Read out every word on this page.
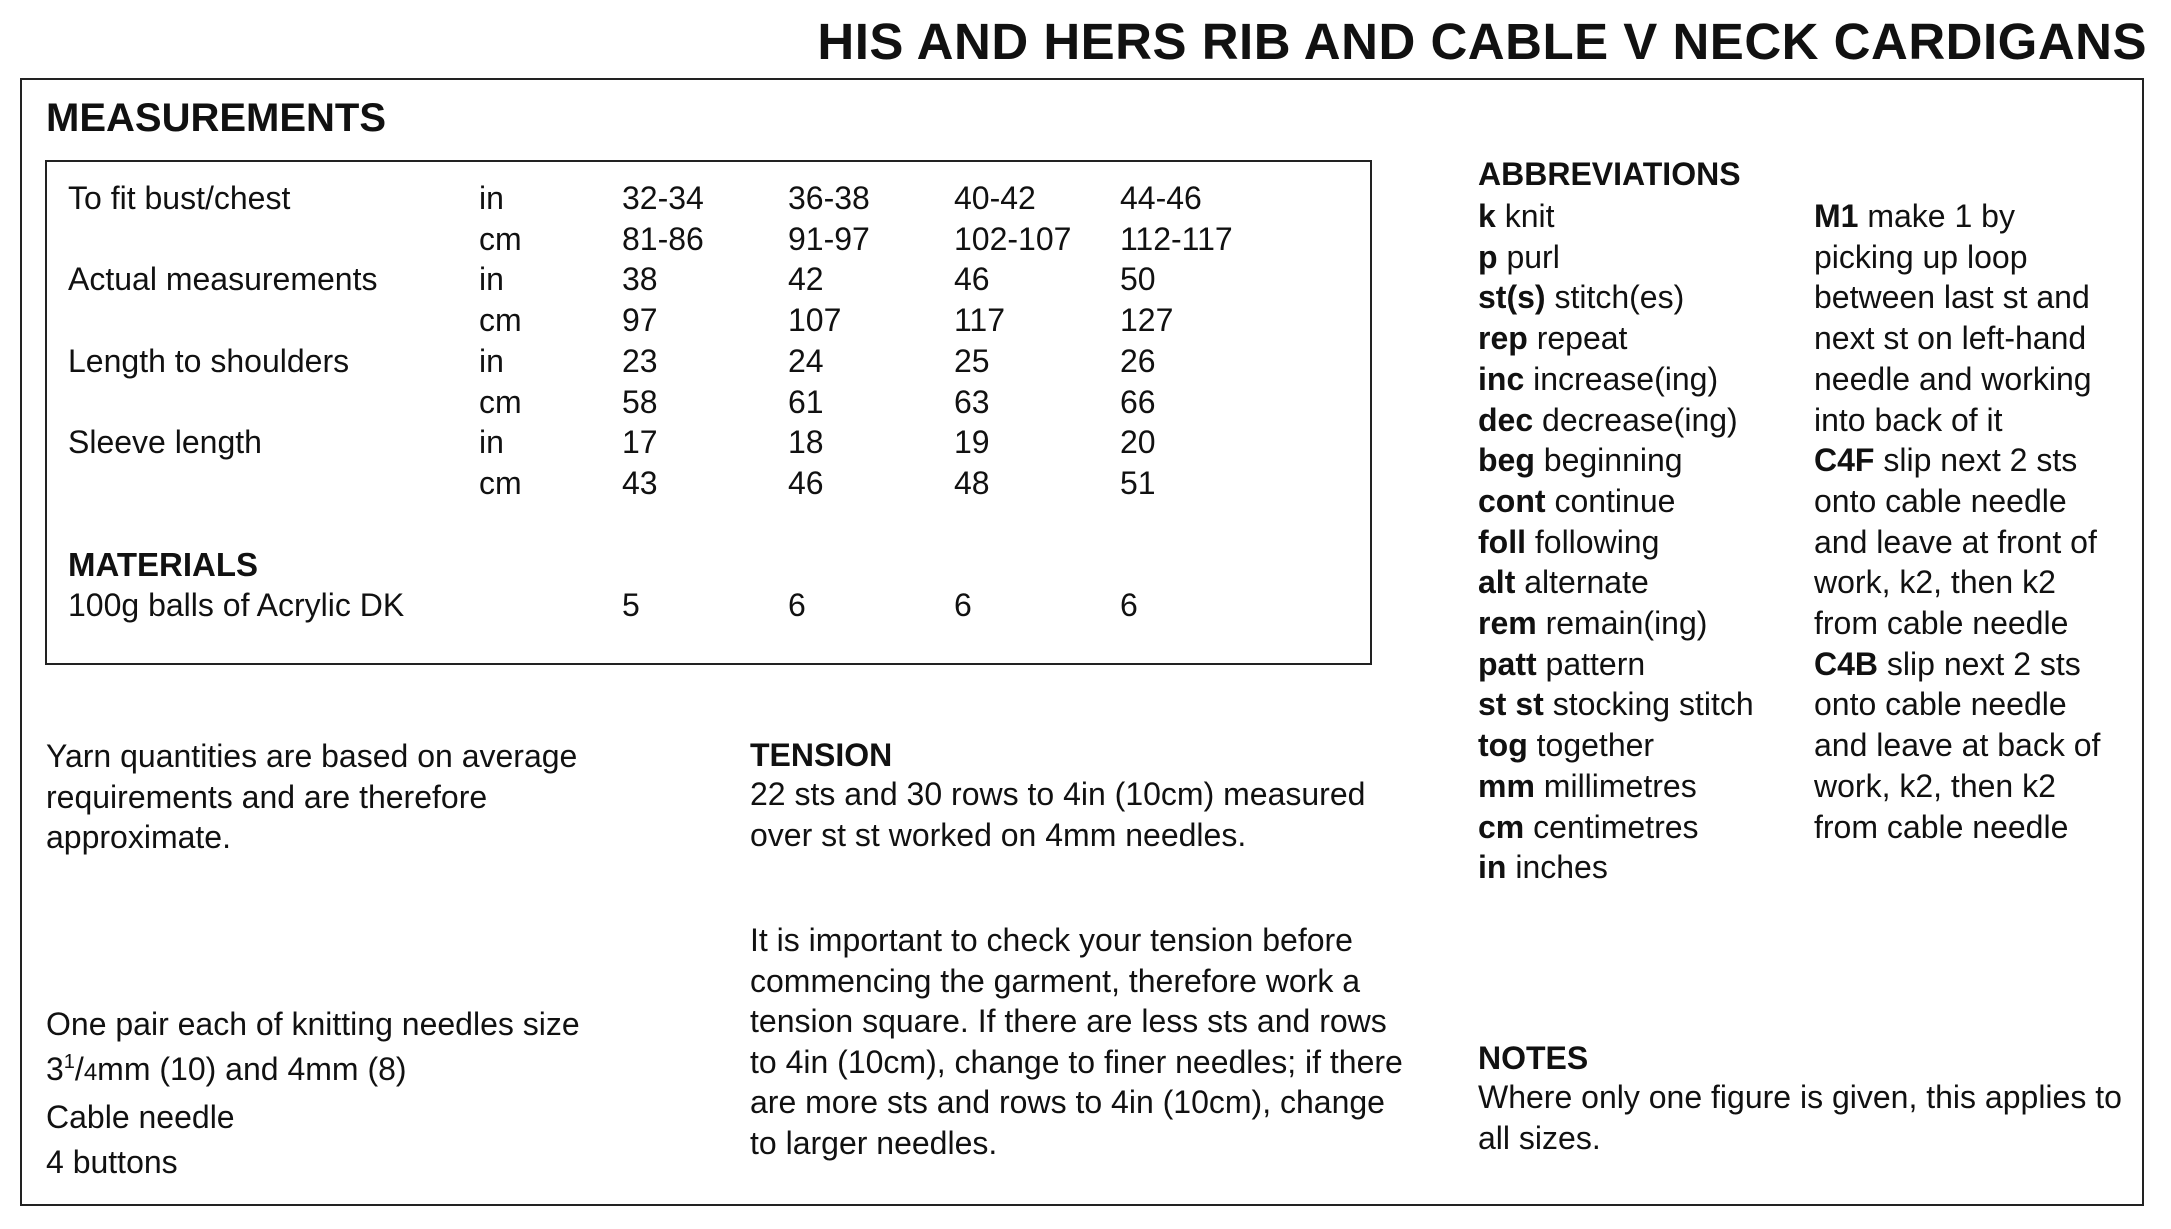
HIS AND HERS RIB AND CABLE V NECK CARDIGANS
MEASUREMENTS
To fit bust/chest	in	32-34	36-38	40-42	44-46
cm	81-86	91-97	102-107 112-117
Actual measurements	in	38	42	46	50
cm	97	107	117	127
Length to shoulders	in	23	24	25	26
cm	58	61	63	66
Sleeve length	in	17	18	19	20
cm	43	46	48	51
MATERIALS
100g balls of Acrylic DK	5	6	6	6
Yarn quantities are based on average
requirements and are therefore
approximate.
One pair each of knitting needles size
$3^1/4mm$ (10) and 4mm (8)
Cable needle
4 buttons
TENSION
22 sts and 30 rows to 4in (10cm) measured
over st st worked on 4mm needles.
It is important to check your tension before
commencing the garment, therefore work a
tension square. If there are less sts and rows
to 4in (10cm), change to finer needles; if there
are more sts and rows to 4in (10cm), change
to larger needles.
ABBREVIATIONS
k knit
p purl
st(s) stitch(es)
rep repeat
inc increase(ing)
dec decrease(ing)
beg beginning
cont continue
foll following
alt alternate
rem remain(ing)
patt pattern
st st stocking stitch
tog together
mm millimetres
cm centimetres
in inches
M1 make 1 by
picking up loop
between last st and
next st on left-hand
needle and working
into back of it
C4F slip next 2 sts
onto cable needle
and leave at front of
work, k2, then k2
from cable needle
C4B slip next 2 sts
onto cable needle
and leave at back of
work, k2, then k2
from cable needle
NOTES
Where only one figure is given, this applies to
all sizes.
